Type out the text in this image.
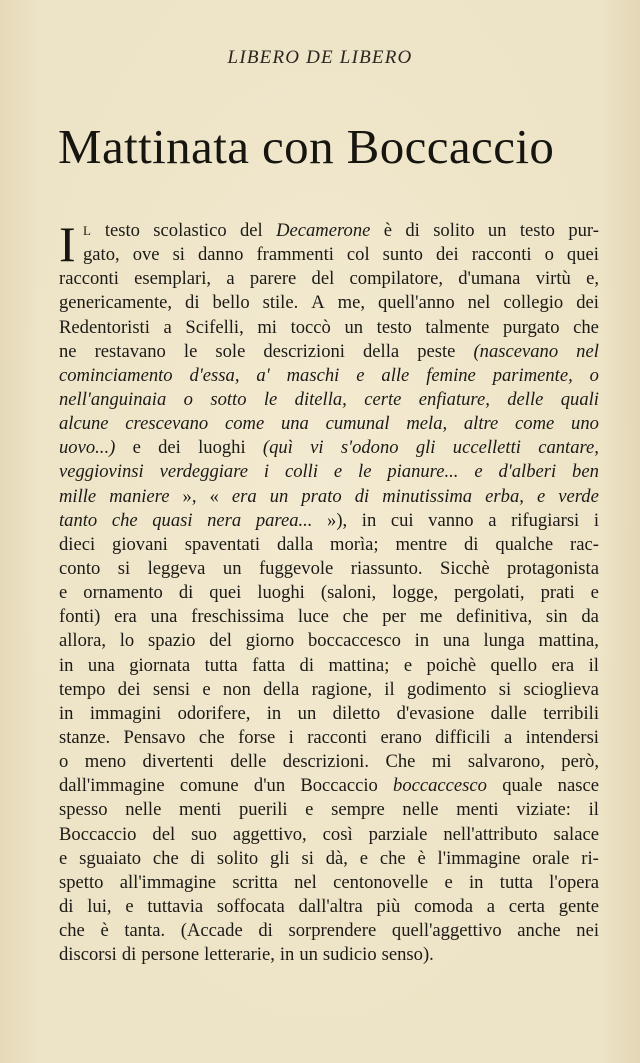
LIBERO DE LIBERO
Mattinata con Boccaccio
I L testo scolastico del Decamerone è di solito un testo pur-
gato, ove si danno frammenti col sunto dei racconti o quei
racconti esemplari, a parere del compilatore, d'umana virtù e,
genericamente, di bello stile. A me, quell'anno nel collegio dei
Redentoristi a Scifelli, mi toccò un testo talmente purgato che
ne restavano le sole descrizioni della peste (nascevano nel
cominciamento d'essa, a' maschi e alle femine parimente, o
nell'anguinaia o sotto le ditella, certe enfiature, delle quali
alcune crescevano come una cumunal mela, altre come uno
uovo...) e dei luoghi (quì vi s'odono gli uccelletti cantare,
veggiovinsi verdeggiare i colli e le pianure... e d'alberi ben
mille maniere », « era un prato di minutissima erba, e verde
tanto che quasi nera parea... »), in cui vanno a rifugiarsi i
dieci giovani spaventati dalla morìa; mentre di qualche rac-
conto si leggeva un fuggevole riassunto. Sicchè protagonista
e ornamento di quei luoghi (saloni, logge, pergolati, prati e
fonti) era una freschissima luce che per me definitiva, sin da
allora, lo spazio del giorno boccaccesco in una lunga mattina,
in una giornata tutta fatta di mattina; e poichè quello era il
tempo dei sensi e non della ragione, il godimento si scioglieva
in immagini odorifere, in un diletto d'evasione dalle terribili
stanze. Pensavo che forse i racconti erano difficili a intendersi
o meno divertenti delle descrizioni. Che mi salvarono, però,
dall'immagine comune d'un Boccaccio boccaccesco quale nasce
spesso nelle menti puerili e sempre nelle menti viziate: il
Boccaccio del suo aggettivo, così parziale nell'attributo salace
e sguaiato che di solito gli si dà, e che è l'immagine orale ri-
spetto all'immagine scritta nel centonovelle e in tutta l'opera
di lui, e tuttavia soffocata dall'altra più comoda a certa gente
che è tanta. (Accade di sorprendere quell'aggettivo anche nei
discorsi di persone letterarie, in un sudicio senso).
